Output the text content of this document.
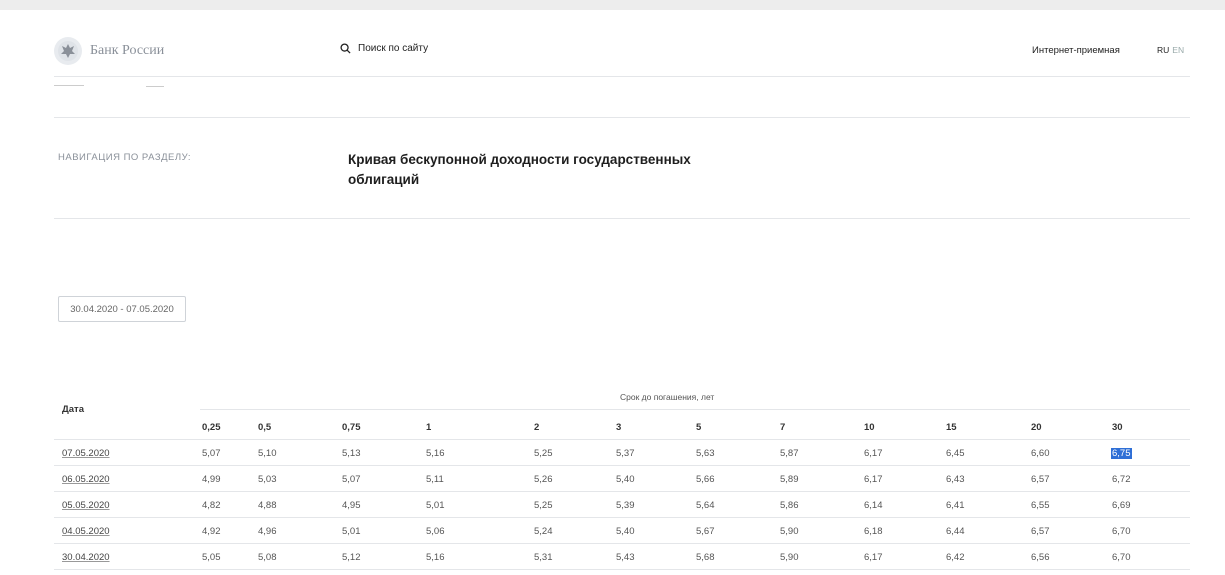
Банк России	Поиск по сайту	Интернет-приемная	RU EN
НАВИГАЦИЯ ПО РАЗДЕЛУ:	Кривая бескупонной доходности государственных
облигаций
30.04.2020 - 07.05.2020
Дата
Срок до погашения, лет
0,25	0,5	0,75	1	2	3	5	7	10	15	20	30
07.05.2020	5,07	5,10	5,13	5,16	5,25	5,37	5,63	5,87	6,17	6,45	6,60	6,75
06.05.2020	4,99	5,03	5,07	5,11	5,26	5,40	5,66	5,89	6,17	6,43	6,57	6,72
05.05.2020	4,82	4,88	4,95	5,01	5,25	5,39	5,64	5,86	6,14	6,41	6,55	6,69
04.05.2020	4,92	4,96	5,01	5,06	5,24	5,40	5,67	5,90	6,18	6,44	6,57	6,70
30.04.2020	5,05	5,08	5,12	5,16	5,31	5,43	5,68	5,90	6,17	6,42	6,56	6,70
